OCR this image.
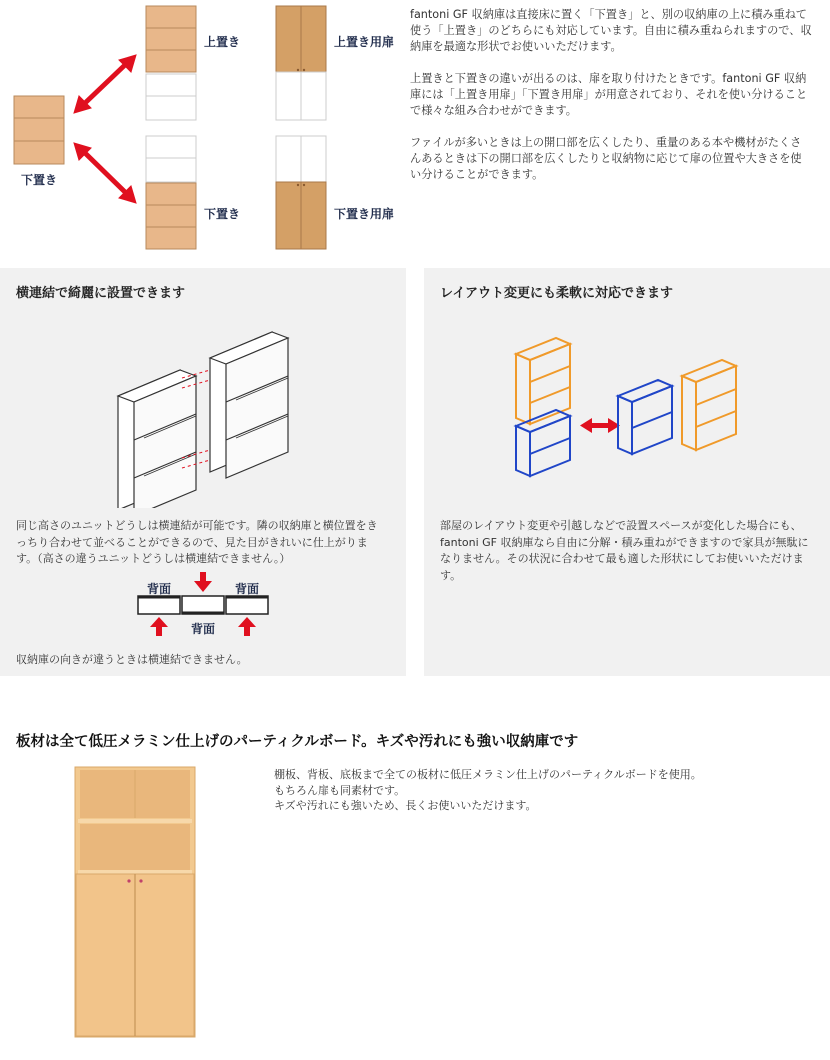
下置き
上置き
下置き
上置き用扉
下置き用扉

fantoni GF 収納庫は直接床に置く「下置き」と、別の収納庫の上に積み重ねて使う「上置き」のどちらにも対応しています。自由に積み重ねられますので、収納庫を最適な形状でお使いいただけます。

上置きと下置きの違いが出るのは、扉を取り付けたときです。fantoni GF 収納庫には「上置き用扉」「下置き用扉」が用意されており、それを使い分けることで様々な組み合わせができます。

ファイルが多いときは上の開口部を広くしたり、重量のある本や機材がたくさんあるときは下の開口部を広くしたりと収納物に応じて扉の位置や大きさを使い分けることができます。

横連結で綺麗に設置できます
同じ高さのユニットどうしは横連結が可能です。隣の収納庫と横位置をきっちり合わせて並べることができるので、見た目がきれいに仕上がります。（高さの違うユニットどうしは横連結できません。）
背面	背面
背面
収納庫の向きが違うときは横連結できません。
レイアウト変更にも柔軟に対応できます
部屋のレイアウト変更や引越しなどで設置スペースが変化した場合にも、fantoni GF 収納庫なら自由に分解・積み重ねができますので家具が無駄になりません。その状況に合わせて最も適した形状にしてお使いいただけます。
板材は全て低圧メラミン仕上げのパーティクルボード。キズや汚れにも強い収納庫です
棚板、背板、底板まで全ての板材に低圧メラミン仕上げのパーティクルボードを使用。
もちろん扉も同素材です。
キズや汚れにも強いため、長くお使いいただけます。
